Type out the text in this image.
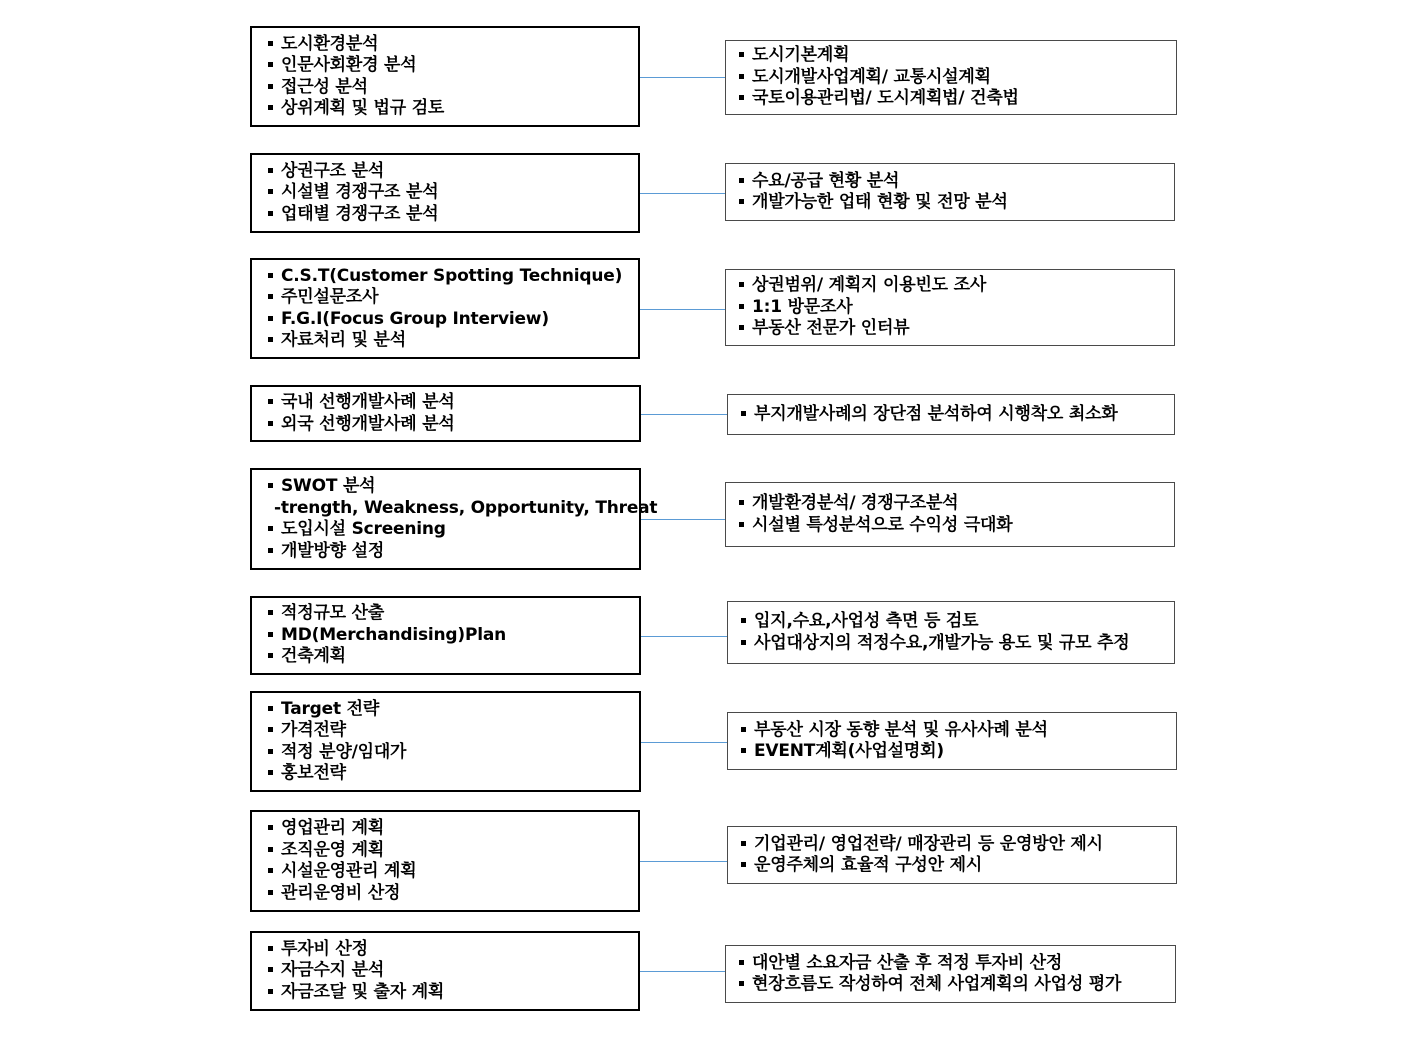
도시환경분석
인문사회환경 분석
접근성 분석
상위계획 및 법규 검토
도시기본계획
도시개발사업계획/ 교통시설계획
국토이용관리법/ 도시계획법/ 건축법
상권구조 분석
시설별 경쟁구조 분석
업태별 경쟁구조 분석
수요/공급 현황 분석
개발가능한 업태 현황 및 전망 분석
C.S.T(Customer Spotting Technique)
주민설문조사
F.G.I(Focus Group Interview)
자료처리 및 분석
상권범위/ 계획지 이용빈도 조사
1:1 방문조사
부동산 전문가 인터뷰
국내 선행개발사례 분석
외국 선행개발사례 분석	부지개발사례의 장단점 분석하여 시행착오 최소화
SWOT 분석
-trength, Weakness, Opportunity, Threat
도입시설 Screening
개발방향 설정
개발환경분석/ 경쟁구조분석
시설별 특성분석으로 수익성 극대화
적정규모 산출
MD(Merchandising)Plan
건축계획
입지,수요,사업성 측면 등 검토
사업대상지의 적정수요,개발가능 용도 및 규모 추정
Target 전략
가격전략
적정 분양/임대가
홍보전략
부동산 시장 동향 분석 및 유사사례 분석
EVENT계획(사업설명회)
영업관리 계획
조직운영 계획
시설운영관리 계획
관리운영비 산정
기업관리/ 영업전략/ 매장관리 등 운영방안 제시
운영주체의 효율적 구성안 제시
투자비 산정
자금수지 분석
자금조달 및 출자 계획
대안별 소요자금 산출 후 적정 투자비 산정
현장흐름도 작성하여 전체 사업계획의 사업성 평가
